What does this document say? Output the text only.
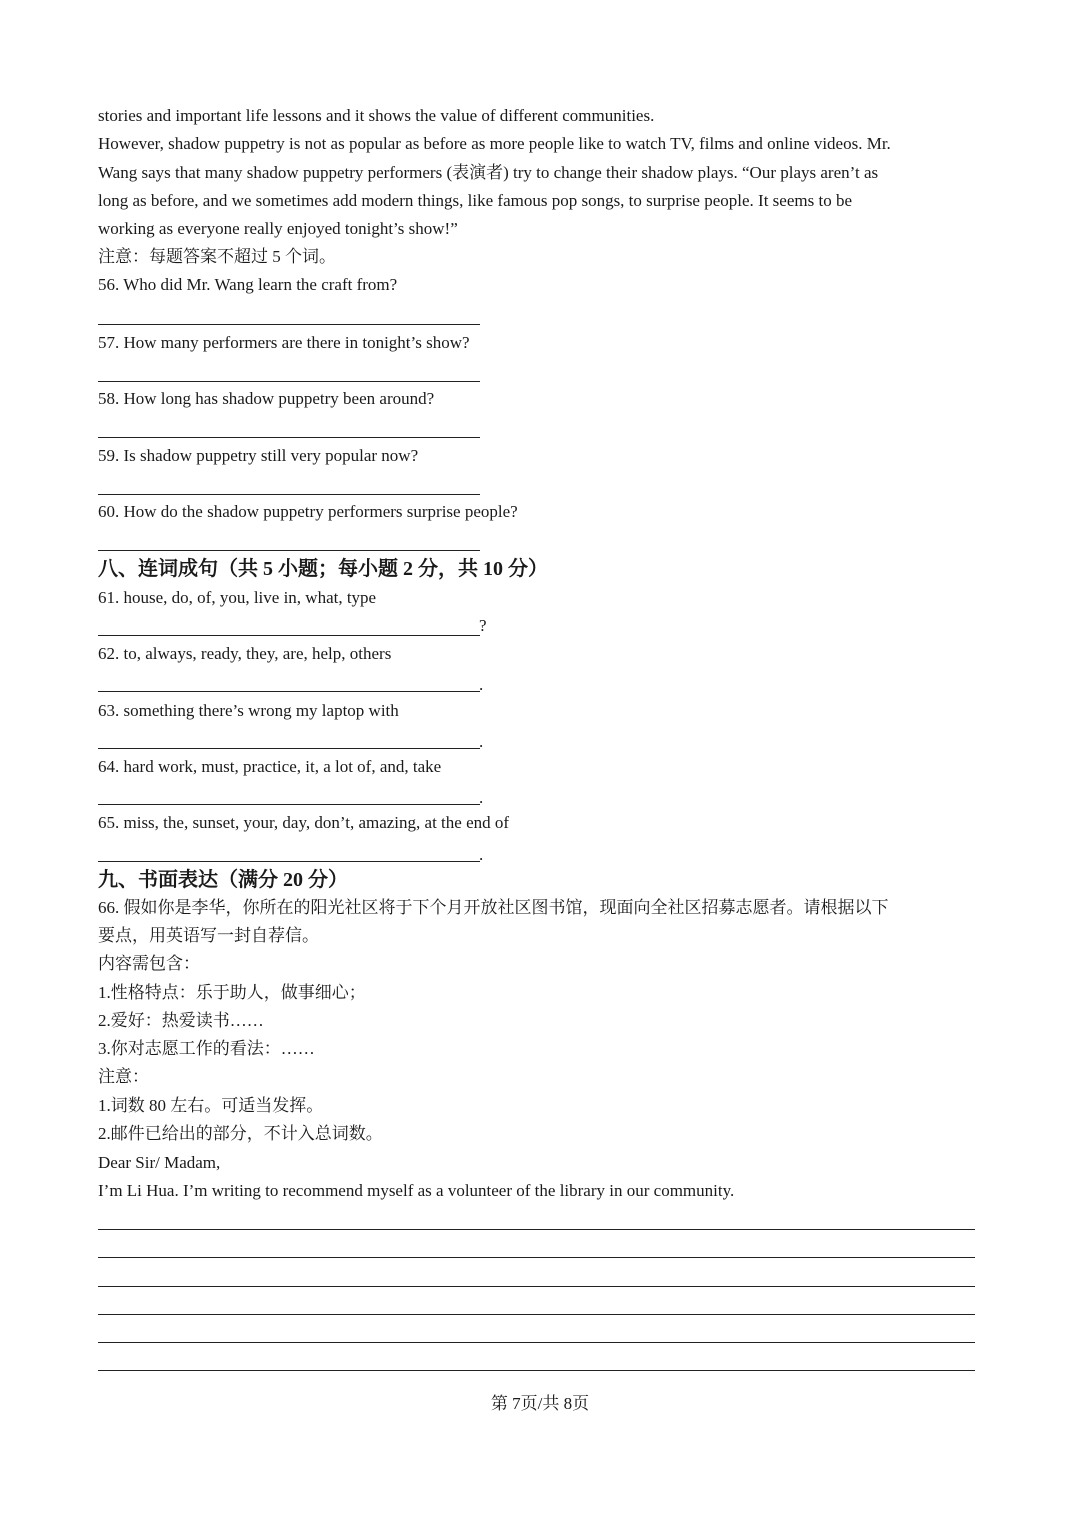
stories and important life lessons and it shows the value of different communities.
However, shadow puppetry is not as popular as before as more people like to watch TV, films and online videos. Mr.
Wang says that many shadow puppetry performers (表演者) try to change their shadow plays. “Our plays aren’t as
long as before, and we sometimes add modern things, like famous pop songs, to surprise people. It seems to be
working as everyone really enjoyed tonight’s show!”
注意：每题答案不超过 5 个词。
56. Who did Mr. Wang learn the craft from?
57. How many performers are there in tonight’s show?
58. How long has shadow puppetry been around?
59. Is shadow puppetry still very popular now?
60. How do the shadow puppetry performers surprise people?
八、连词成句（共 5 小题；每小题 2 分，共 10 分）
61. house, do, of, you, live in, what, type
?
62. to, always, ready, they, are, help, others
.
63. something there’s wrong my laptop with
.
64. hard work, must, practice, it, a lot of, and, take
.
65. miss, the, sunset, your, day, don’t, amazing, at the end of
.
九、书面表达（满分 20 分）
66. 假如你是李华，你所在的阳光社区将于下个月开放社区图书馆，现面向全社区招募志愿者。请根据以下
要点，用英语写一封自荐信。
内容需包含：
1.性格特点：乐于助人，做事细心；
2.爱好：热爱读书……
3.你对志愿工作的看法：……
注意：
1.词数 80 左右。可适当发挥。
2.邮件已给出的部分，不计入总词数。
Dear Sir/ Madam,
I’m Li Hua. I’m writing to recommend myself as a volunteer of the library in our community.
第 7页/共 8页
